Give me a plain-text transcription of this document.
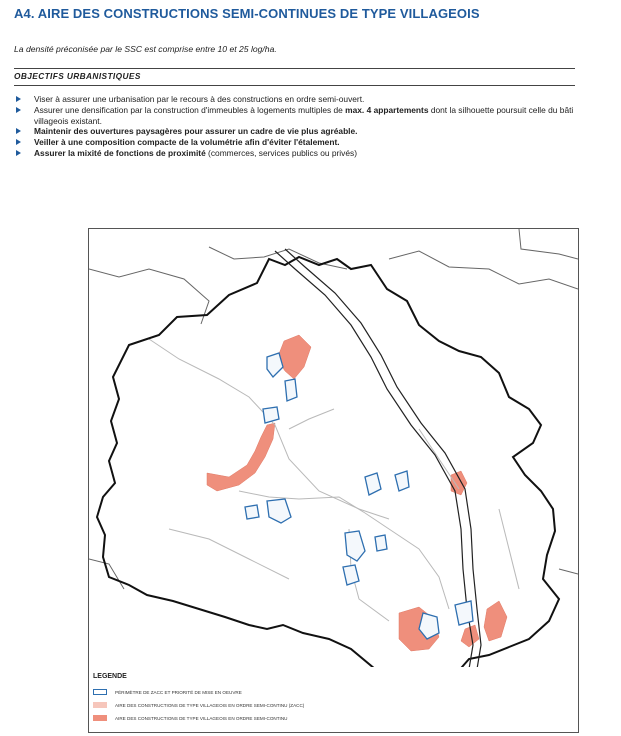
A4. AIRE DES CONSTRUCTIONS SEMI-CONTINUES DE TYPE VILLAGEOIS
La densité préconisée par le SSC est comprise entre 10 et 25 log/ha.
OBJECTIFS URBANISTIQUES
Viser à assurer une urbanisation par le recours à des constructions en ordre semi-ouvert.
Assurer une densification par la construction d'immeubles à logements multiples de max. 4 appartements dont la silhouette poursuit celle du bâti villageois existant.
Maintenir des ouvertures paysagères pour assurer un cadre de vie plus agréable.
Veiller à une composition compacte de la volumétrie afin d'éviter l'étalement.
Assurer la mixité de fonctions de proximité (commerces, services publics ou privés)
LEGENDE
PÉRIMÈTRE DE ZACC ET PRIORITÉ DE MISE EN OEUVRE
AIRE DES CONSTRUCTIONS DE TYPE VILLAGEOIS EN ORDRE SEMI-CONTINU (ZACC)
AIRE DES CONSTRUCTIONS DE TYPE VILLAGEOIS EN ORDRE SEMI-CONTINU
